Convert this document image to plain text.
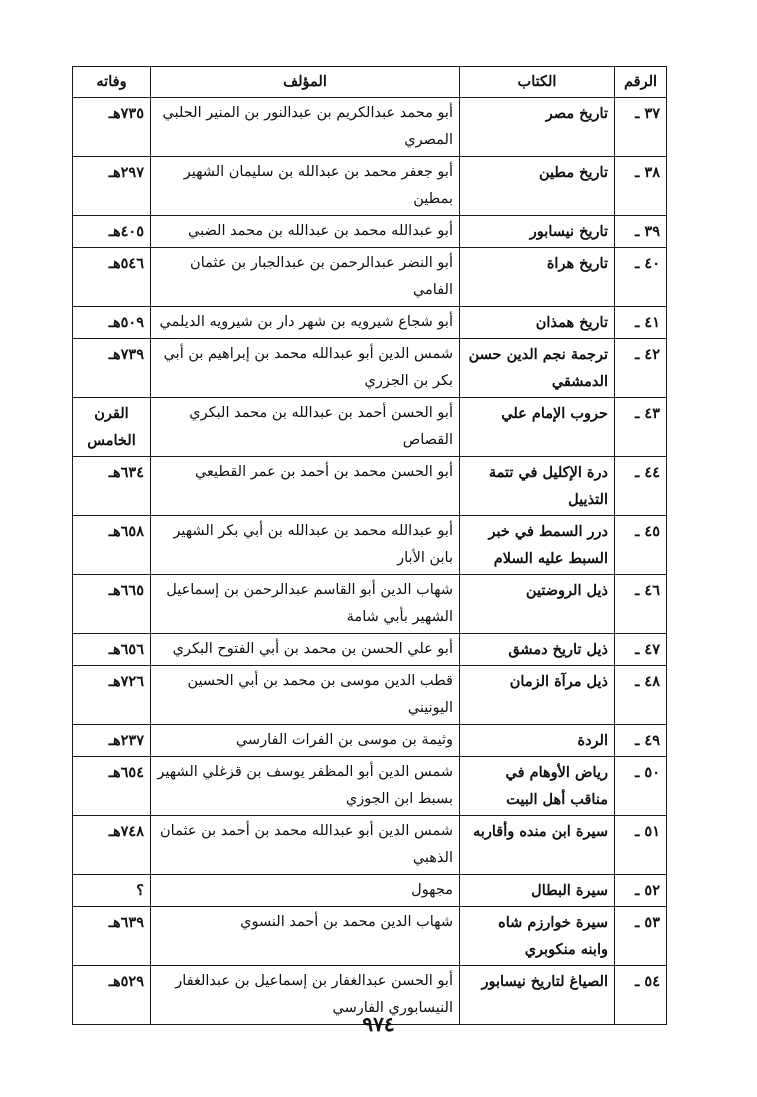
الرقم	الكتاب	المؤلف	وفاته
٣٧ ـ	تاريخ مصر	أبو محمد عبدالكريم بن عبدالنور بن المنير الحلبي المصري	٧٣٥هـ
٣٨ ـ	تاريخ مطين	أبو جعفر محمد بن عبدالله بن سليمان الشهير بمطين	٢٩٧هـ
٣٩ ـ	تاريخ نيسابور	أبو عبدالله محمد بن عبدالله بن محمد الضبي	٤٠٥هـ
٤٠ ـ	تاريخ هراة	أبو النضر عبدالرحمن بن عبدالجبار بن عثمان الفامي	٥٤٦هـ
٤١ ـ	تاريخ همذان	أبو شجاع شيرويه بن شهر دار بن شيرويه الديلمي	٥٠٩هـ
٤٢ ـ	ترجمة نجم الدين حسن الدمشقي	شمس الدين أبو عبدالله محمد بن إبراهيم بن أبي بكر بن الجزري	٧٣٩هـ
٤٣ ـ	حروب الإمام علي	أبو الحسن أحمد بن عبدالله بن محمد البكري القصاص	القرن الخامس
٤٤ ـ	درة الإكليل في تتمة التذييل	أبو الحسن محمد بن أحمد بن عمر القطيعي	٦٣٤هـ
٤٥ ـ	درر السمط في خبر السبط عليه السلام	أبو عبدالله محمد بن عبدالله بن أبي بكر الشهير بابن الأبار	٦٥٨هـ
٤٦ ـ	ذيل الروضتين	شهاب الدين أبو القاسم عبدالرحمن بن إسماعيل الشهير بأبي شامة	٦٦٥هـ
٤٧ ـ	ذيل تاريخ دمشق	أبو علي الحسن بن محمد بن أبي الفتوح البكري	٦٥٦هـ
٤٨ ـ	ذيل مرآة الزمان	قطب الدين موسى بن محمد بن أبي الحسين اليونيني	٧٢٦هـ
٤٩ ـ	الردة	وثيمة بن موسى بن الفرات الفارسي	٢٣٧هـ
٥٠ ـ	رياض الأوهام في مناقب أهل البيت	شمس الدين أبو المظفر يوسف بن قزغلي الشهير بسبط ابن الجوزي	٦٥٤هـ
٥١ ـ	سيرة ابن منده وأقاربه	شمس الدين أبو عبدالله محمد بن أحمد بن عثمان الذهبي	٧٤٨هـ
٥٢ ـ	سيرة البطال	مجهول	؟
٥٣ ـ	سيرة خوارزم شاه وابنه منكوبري	شهاب الدين محمد بن أحمد النسوي	٦٣٩هـ
٥٤ ـ	الصياغ لتاريخ نيسابور	أبو الحسن عبدالغفار بن إسماعيل بن عبدالغفار النيسابوري الفارسي	٥٢٩هـ
٩٧٤
